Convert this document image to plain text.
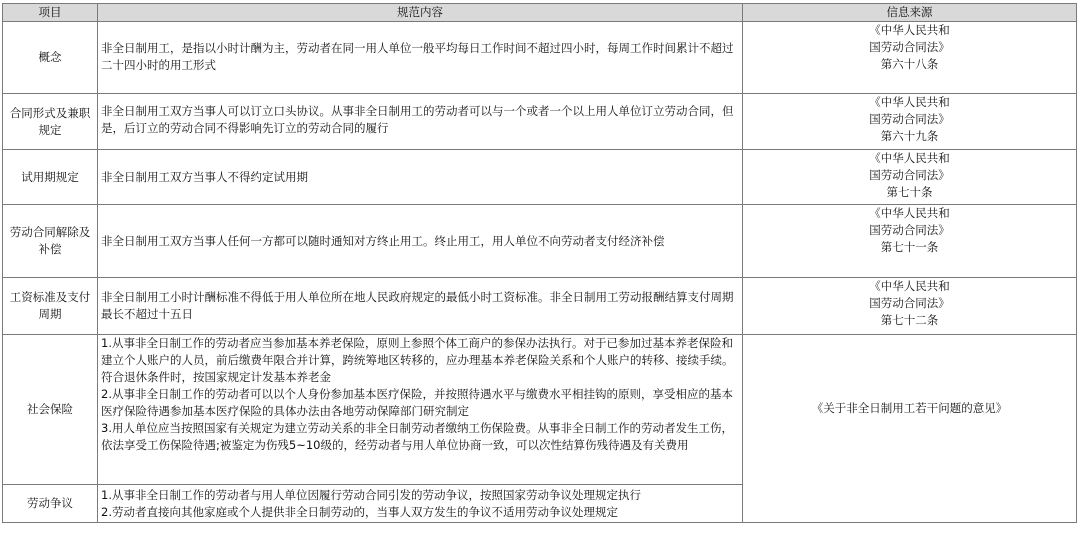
项目	规范内容	信息来源
概念	非全日制用工，是指以小时计酬为主，劳动者在同一用人单位一般平均每日工作时间不超过四小时，每周工作时间累计不超过二十四小时的用工形式	《中华人民共和
国劳动合同法》
第六十八条

合同形式及兼职规定	非全日制用工双方当事人可以订立口头协议。从事非全日制用工的劳动者可以与一个或者一个以上用人单位订立劳动合同，但是，后订立的劳动合同不得影响先订立的劳动合同的履行	《中华人民共和
国劳动合同法》
第六十九条

试用期规定	非全日制用工双方当事人不得约定试用期	《中华人民共和
国劳动合同法》
第七十条

劳动合同解除及补偿	非全日制用工双方当事人任何一方都可以随时通知对方终止用工。终止用工，用人单位不向劳动者支付经济补偿	《中华人民共和
国劳动合同法》
第七十一条

工资标准及支付周期	非全日制用工小时计酬标准不得低于用人单位所在地人民政府规定的最低小时工资标准。非全日制用工劳动报酬结算支付周期最长不超过十五日	《中华人民共和
国劳动合同法》
第七十二条

社会保险	1.从事非全日制工作的劳动者应当参加基本养老保险，原则上参照个体工商户的参保办法执行。对于已参加过基本养老保险和建立个人账户的人员，前后缴费年限合并计算，跨统筹地区转移的，应办理基本养老保险关系和个人账户的转移、接续手续。符合退休条件时，按国家规定计发基本养老金
2.从事非全日制工作的劳动者可以以个人身份参加基本医疗保险，并按照待遇水平与缴费水平相挂钩的原则，享受相应的基本医疗保险待遇参加基本医疗保险的具体办法由各地劳动保障部门研究制定
3.用人单位应当按照国家有关规定为建立劳动关系的非全日制劳动者缴纳工伤保险费。从事非全日制工作的劳动者发生工伤，依法享受工伤保险待遇;被鉴定为伤残5~10级的，经劳动者与用人单位协商一致，可以次性结算伤残待遇及有关费用	《关于非全日制用工若干问题的意见》
劳动争议	1.从事非全日制工作的劳动者与用人单位因履行劳动合同引发的劳动争议，按照国家劳动争议处理规定执行
2.劳动者直接向其他家庭或个人提供非全日制劳动的，当事人双方发生的争议不适用劳动争议处理规定	
